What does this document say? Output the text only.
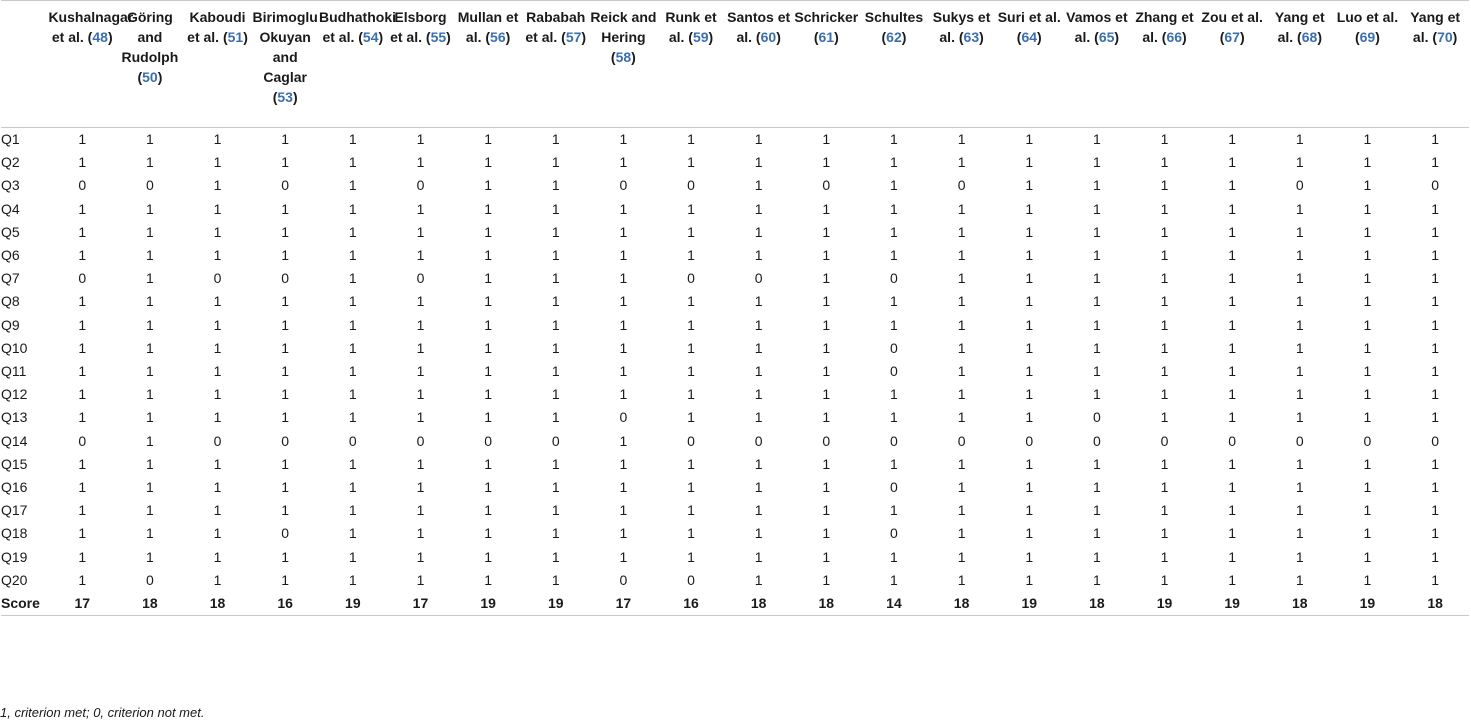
	Kushalnagar et al. (48)	Göring and Rudolph (50)	Kaboudi et al. (51)	Birimoglu Okuyan and Caglar (53)	Budhathoki et al. (54)	Elsborg et al. (55)	Mullan et al. (56)	Rababah et al. (57)	Reick and Hering (58)	Runk et al. (59)	Santos et al. (60)	Schricker (61)	Schultes (62)	Sukys et al. (63)	Suri et al. (64)	Vamos et al. (65)	Zhang et al. (66)	Zou et al. (67)	Yang et al. (68)	Luo et al. (69)	Yang et al. (70)
Q1	1	1	1	1	1	1	1	1	1	1	1	1	1	1	1	1	1	1	1	1	1
Q2	1	1	1	1	1	1	1	1	1	1	1	1	1	1	1	1	1	1	1	1	1
Q3	0	0	1	0	1	0	1	1	0	0	1	0	1	0	1	1	1	1	0	1	0
Q4	1	1	1	1	1	1	1	1	1	1	1	1	1	1	1	1	1	1	1	1	1
Q5	1	1	1	1	1	1	1	1	1	1	1	1	1	1	1	1	1	1	1	1	1
Q6	1	1	1	1	1	1	1	1	1	1	1	1	1	1	1	1	1	1	1	1	1
Q7	0	1	0	0	1	0	1	1	1	0	0	1	0	1	1	1	1	1	1	1	1
Q8	1	1	1	1	1	1	1	1	1	1	1	1	1	1	1	1	1	1	1	1	1
Q9	1	1	1	1	1	1	1	1	1	1	1	1	1	1	1	1	1	1	1	1	1
Q10	1	1	1	1	1	1	1	1	1	1	1	1	0	1	1	1	1	1	1	1	1
Q11	1	1	1	1	1	1	1	1	1	1	1	1	0	1	1	1	1	1	1	1	1
Q12	1	1	1	1	1	1	1	1	1	1	1	1	1	1	1	1	1	1	1	1	1
Q13	1	1	1	1	1	1	1	1	0	1	1	1	1	1	1	0	1	1	1	1	1
Q14	0	1	0	0	0	0	0	0	1	0	0	0	0	0	0	0	0	0	0	0	0
Q15	1	1	1	1	1	1	1	1	1	1	1	1	1	1	1	1	1	1	1	1	1
Q16	1	1	1	1	1	1	1	1	1	1	1	1	0	1	1	1	1	1	1	1	1
Q17	1	1	1	1	1	1	1	1	1	1	1	1	1	1	1	1	1	1	1	1	1
Q18	1	1	1	0	1	1	1	1	1	1	1	1	0	1	1	1	1	1	1	1	1
Q19	1	1	1	1	1	1	1	1	1	1	1	1	1	1	1	1	1	1	1	1	1
Q20	1	0	1	1	1	1	1	1	0	0	1	1	1	1	1	1	1	1	1	1	1
Score	17	18	18	16	19	17	19	19	17	16	18	18	14	18	19	18	19	19	18	19	18
1, criterion met; 0, criterion not met.
